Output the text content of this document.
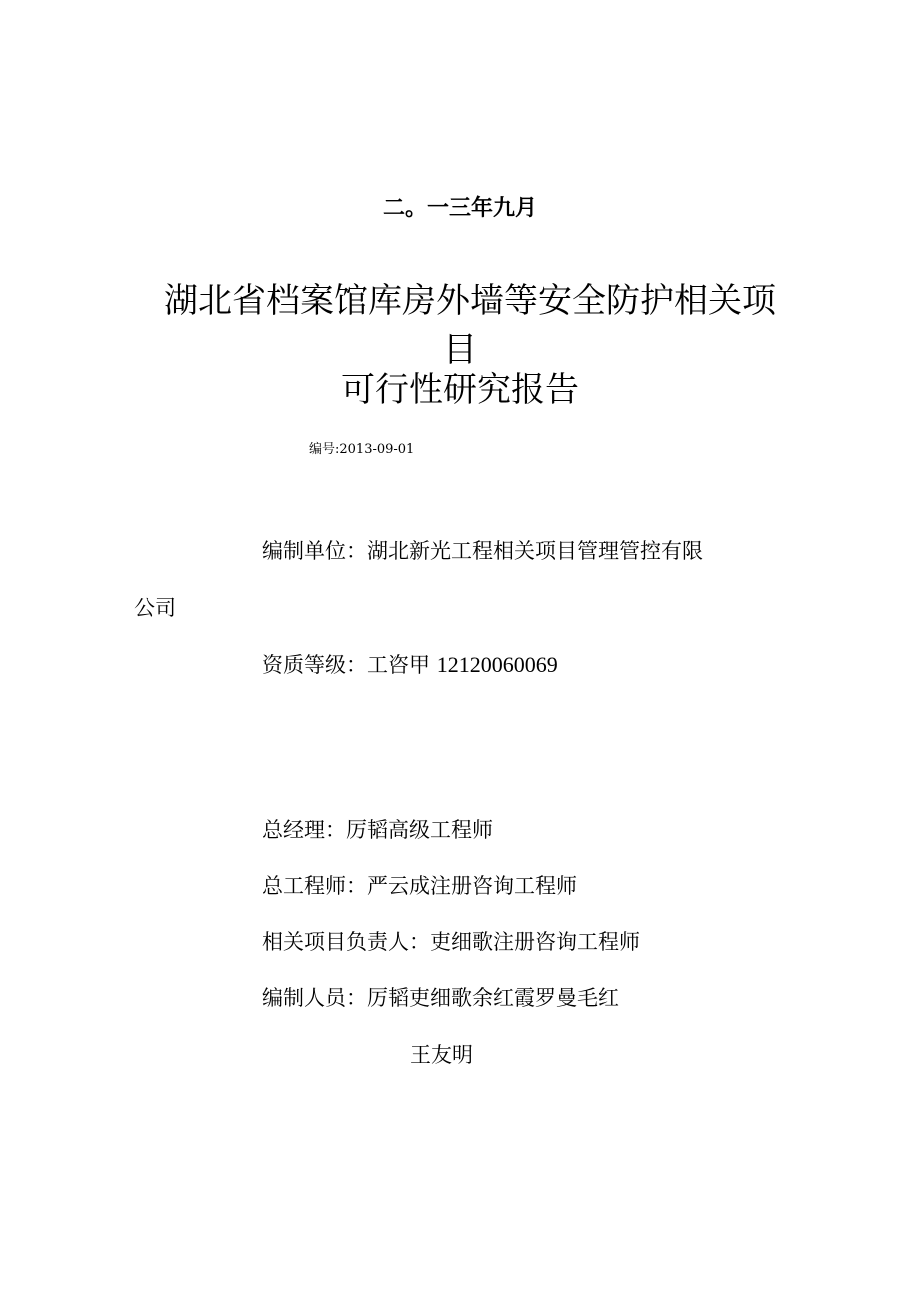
二。一三年九月
湖北省档案馆库房外墙等安全防护相关项
目
可行性研究报告
编号:2013-09-01
编制单位：湖北新光工程相关项目管理管控有限
公司
资质等级：工咨甲 12120060069
总经理：厉韬高级工程师
总工程师：严云成注册咨询工程师
相关项目负责人：吏细歌注册咨询工程师
编制人员：厉韬吏细歌余红霞罗曼毛红
王友明
